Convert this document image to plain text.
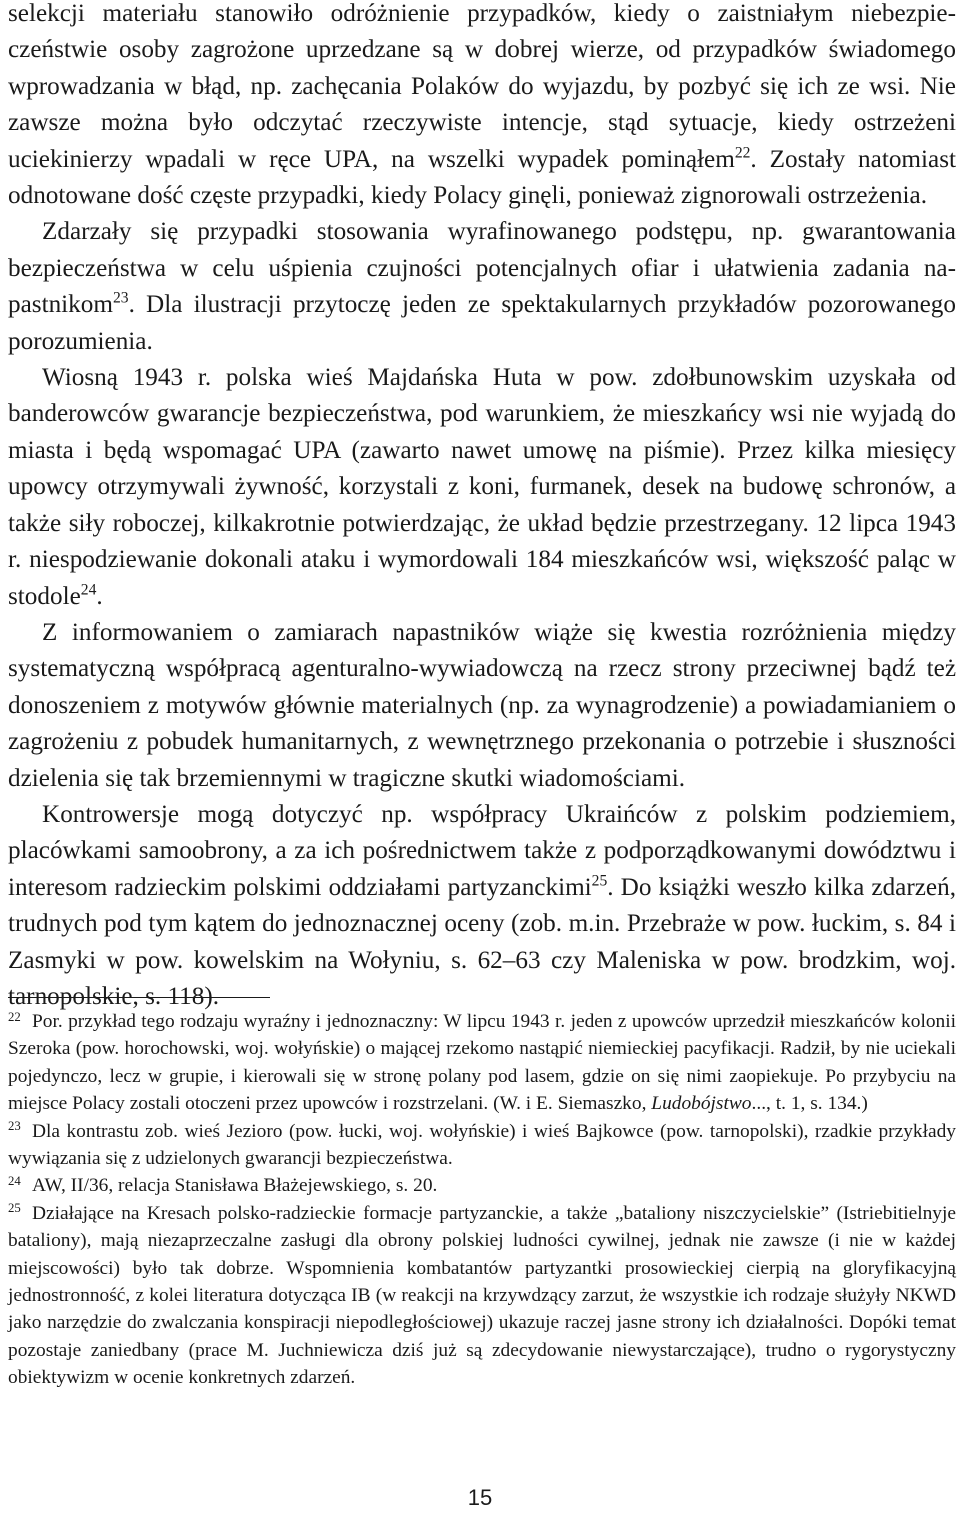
selekcji materiału stanowiło odróżnienie przypadków, kiedy o zaistniałym niebezpieczeństwie osoby zagrożone uprzedzane są w dobrej wierze, od przypadków świadomego wprowadzania w błąd, np. zachęcania Polaków do wyjazdu, by pozbyć się ich ze wsi. Nie zawsze można było odczytać rzeczywiste intencje, stąd sytuacje, kiedy ostrzeżeni uciekinierzy wpadali w ręce UPA, na wszelki wypadek pominąłem$^{22}$. Zostały natomiast odnotowane dość częste przypadki, kiedy Polacy ginęli, ponieważ zignorowali ostrzeżenia.

Zdarzały się przypadki stosowania wyrafinowanego podstępu, np. gwarantowania bezpieczeństwa w celu uśpienia czujności potencjalnych ofiar i ułatwienia zadania napastnikom$^{23}$. Dla ilustracji przytoczę jeden ze spektakularnych przykładów pozorowanego porozumienia.

Wiosną 1943 r. polska wieś Majdańska Huta w pow. zdołbunowskim uzyskała od banderowców gwarancje bezpieczeństwa, pod warunkiem, że mieszkańcy wsi nie wyjadą do miasta i będą wspomagać UPA (zawarto nawet umowę na piśmie). Przez kilka miesięcy upowcy otrzymywali żywność, korzystali z koni, furmanek, desek na budowę schronów, a także siły roboczej, kilkakrotnie potwierdzając, że układ będzie przestrzegany. 12 lipca 1943 r. niespodziewanie dokonali ataku i wymordowali 184 mieszkańców wsi, większość paląc w stodole$^{24}$.

Z informowaniem o zamiarach napastników wiąże się kwestia rozróżnienia między systematyczną współpracą agenturalno-wywiadowczą na rzecz strony przeciwnej bądź też donoszeniem z motywów głównie materialnych (np. za wynagrodzenie) a powiadamianiem o zagrożeniu z pobudek humanitarnych, z wewnętrznego przekonania o potrzebie i słuszności dzielenia się tak brzemiennymi w tragiczne skutki wiadomościami.

Kontrowersje mogą dotyczyć np. współpracy Ukraińców z polskim podziemiem, placówkami samoobrony, a za ich pośrednictwem także z podporządkowanymi dowództwu i interesom radzieckim polskimi oddziałami partyzanckimi$^{25}$. Do książki weszło kilka zdarzeń, trudnych pod tym kątem do jednoznacznej oceny (zob. m.in. Przebraże w pow. łuckim, s. 84 i Zasmyki w pow. kowelskim na Wołyniu, s. 62–63 czy Maleniska w pow. brodzkim, woj. tarnopolskie, s. 118).

22 Por. przykład tego rodzaju wyraźny i jednoznaczny: W lipcu 1943 r. jeden z upowców uprzedził mieszkańców kolonii Szeroka (pow. horochowski, woj. wołyńskie) o mającej rzekomo nastąpić niemieckiej pacyfikacji. Radził, by nie uciekali pojedynczo, lecz w grupie, i kierowali się w stronę polany pod lasem, gdzie on się nimi zaopiekuje. Po przybyciu na miejsce Polacy zostali otoczeni przez upowców i rozstrzelani. (W. i E. Siemaszko, Ludobójstwo..., t. 1, s. 134.)

23 Dla kontrastu zob. wieś Jezioro (pow. łucki, woj. wołyńskie) i wieś Bajkowce (pow. tarnopolski), rzadkie przykłady wywiązania się z udzielonych gwarancji bezpieczeństwa.

24 AW, II/36, relacja Stanisława Błażejewskiego, s. 20.

25 Działające na Kresach polsko-radzieckie formacje partyzanckie, a także „bataliony niszczycielskie” (Istriebitielnyje bataliony), mają niezaprzeczalne zasługi dla obrony polskiej ludności cywilnej, jednak nie zawsze (i nie w każdej miejscowości) było tak dobrze. Wspomnienia kombatantów partyzantki prosowieckiej cierpią na gloryfikacyjną jednostronność, z kolei literatura dotycząca IB (w reakcji na krzywdzący zarzut, że wszystkie ich rodzaje służyły NKWD jako narzędzie do zwalczania konspiracji niepodległościowej) ukazuje raczej jasne strony ich działalności. Dopóki temat pozostaje zaniedbany (prace M. Juchniewicza dziś już są zdecydowanie niewystarczające), trudno o rygorystyczny obiektywizm w ocenie konkretnych zdarzeń.

15
